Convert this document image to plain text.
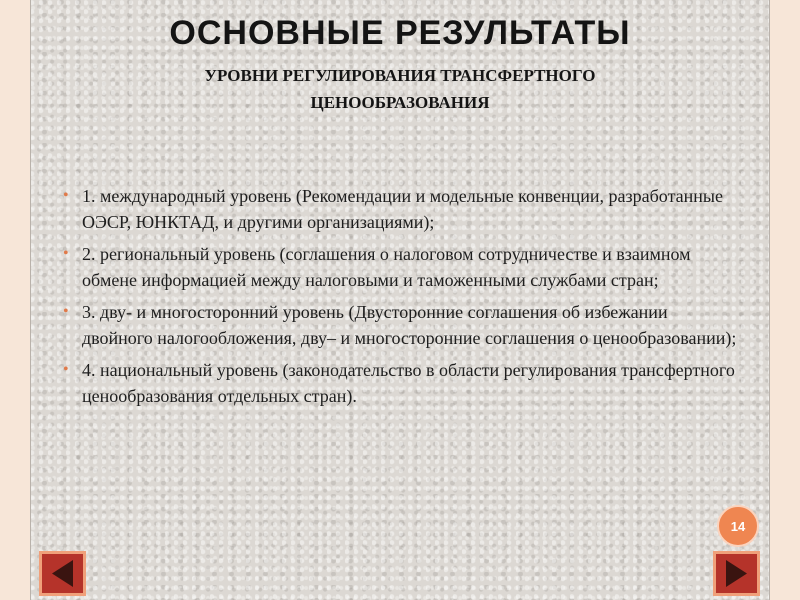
ОСНОВНЫЕ РЕЗУЛЬТАТЫ
УРОВНИ РЕГУЛИРОВАНИЯ ТРАНСФЕРТНОГО
ЦЕНООБРАЗОВАНИЯ
• 1. международный уровень (Рекомендации и модельные конвенции, разработанные ОЭСР, ЮНКТАД, и другими организациями);
• 2. региональный уровень (соглашения о налоговом сотрудничестве и взаимном обмене информацией между налоговыми и таможенными службами стран;
• 3. дву- и многосторонний уровень (Двусторонние соглашения об избежании двойного налогообложения, дву– и многосторонние соглашения о ценообразовании);
• 4. национальный уровень (законодательство в области регулирования трансфертного ценообразования отдельных стран).
14
